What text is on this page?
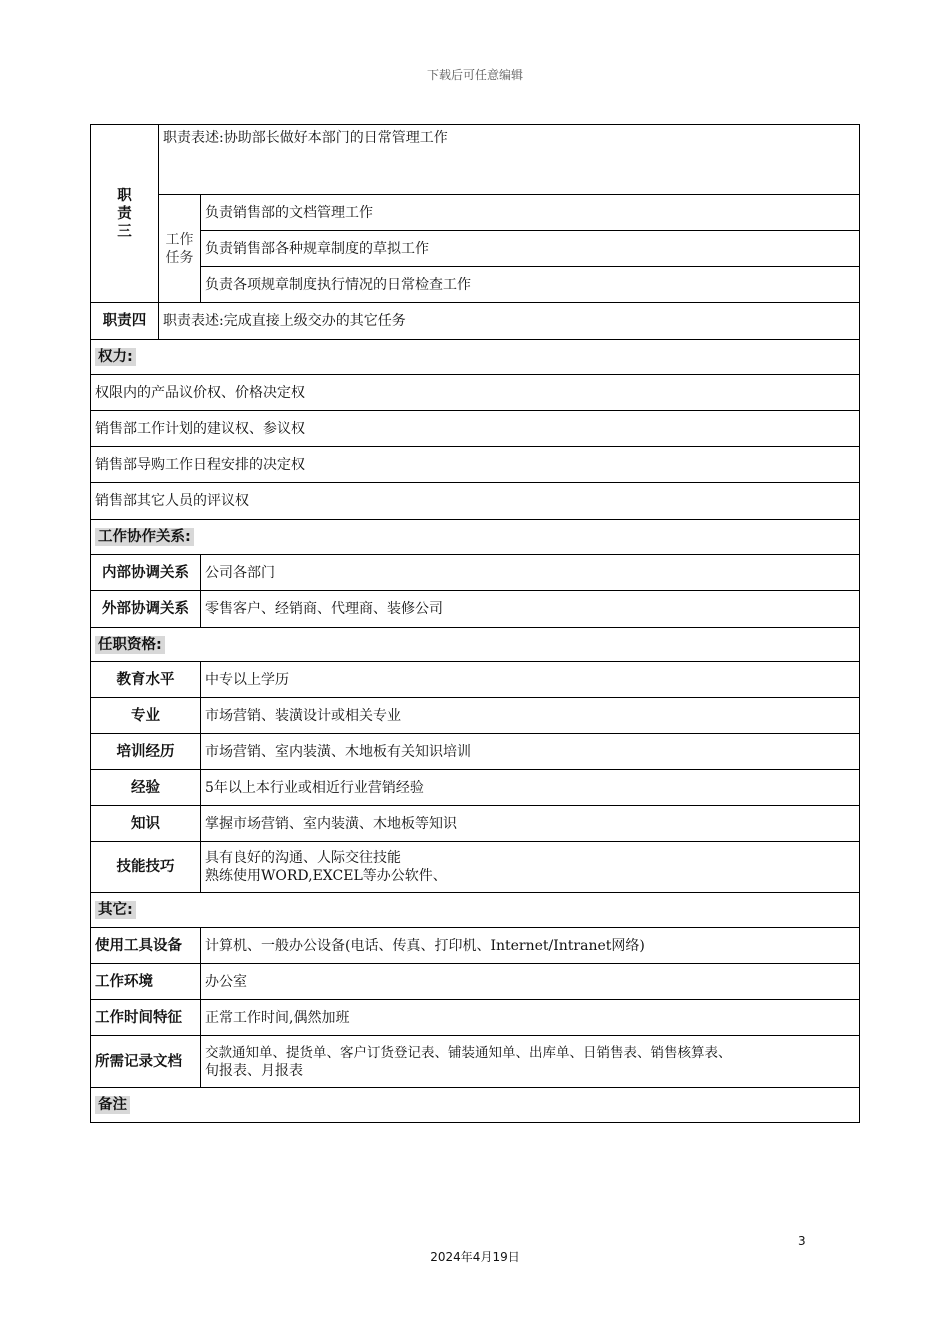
下载后可任意编辑
职责三	职责表述:协助部长做好本部门的日常管理工作	

	工作任务	负责销售部的文档管理工作
		负责销售部各种规章制度的草拟工作
		负责各项规章制度执行情况的日常检查工作
职责四	职责表述:完成直接上级交办的其它任务	
权力:		
权限内的产品议价权、价格决定权		
销售部工作计划的建议权、参议权		
销售部导购工作日程安排的决定权		
销售部其它人员的评议权		
工作协作关系:		
内部协调关系		公司各部门
外部协调关系		零售客户、经销商、代理商、装修公司
任职资格:		
教育水平		中专以上学历
专业		市场营销、装潢设计或相关专业
培训经历		市场营销、室内装潢、木地板有关知识培训
经验		5年以上本行业或相近行业营销经验
知识		掌握市场营销、室内装潢、木地板等知识
技能技巧		具有良好的沟通、人际交往技能
熟练使用WORD,EXCEL等办公软件、

其它:		
使用工具设备		计算机、一般办公设备(电话、传真、打印机、Internet/Intranet网络)
工作环境		办公室
工作时间特征		正常工作时间,偶然加班
所需记录文档		交款通知单、提货单、客户订货登记表、铺装通知单、出库单、日销售表、销售核算表、
旬报表、月报表

备注		
3
2024年4月19日
